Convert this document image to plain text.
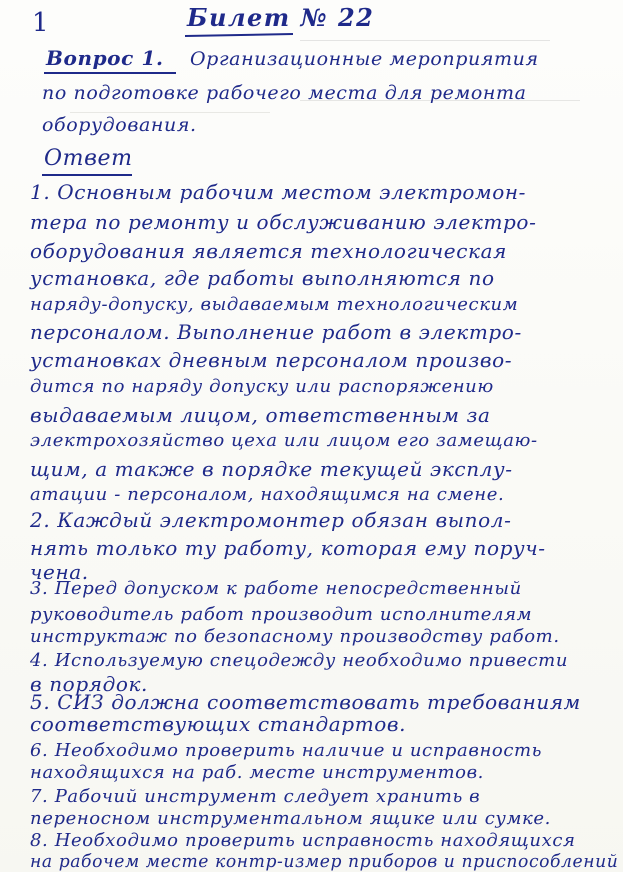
1	Билет № 22
Вопрос 1. Организационные мероприятия
по подготовке рабочего места для ремонта
оборудования.
Ответ
1. Основным рабочим местом электромон-
тера по ремонту и обслуживанию электро-
оборудования является технологическая
установка, где работы выполняются по
наряду-допуску, выдаваемым технологическим
персоналом. Выполнение работ в электро-
установках дневным персоналом произво-
дится по наряду допуску или распоряжению
выдаваемым лицом, ответственным за
электрохозяйство цеха или лицом его замещаю-
щим, а также в порядке текущей эксплу-
атации - персоналом, находящимся на смене.
2. Каждый электромонтер обязан выпол-
нять только ту работу, которая ему поруч-
чена.
3. Перед допуском к работе непосредственный
руководитель работ производит исполнителям
инструктаж по безопасному производству работ.
4. Используемую спецодежду необходимо привести
в порядок.
5. СИЗ должна соответствовать требованиям
соответствующих стандартов.
6. Необходимо проверить наличие и исправность
находящихся на раб. месте инструментов.
7. Рабочий инструмент следует хранить в
переносном инструментальном ящике или сумке.
8. Необходимо проверить исправность находящихся
на рабочем месте контр-измер приборов и приспособлений
